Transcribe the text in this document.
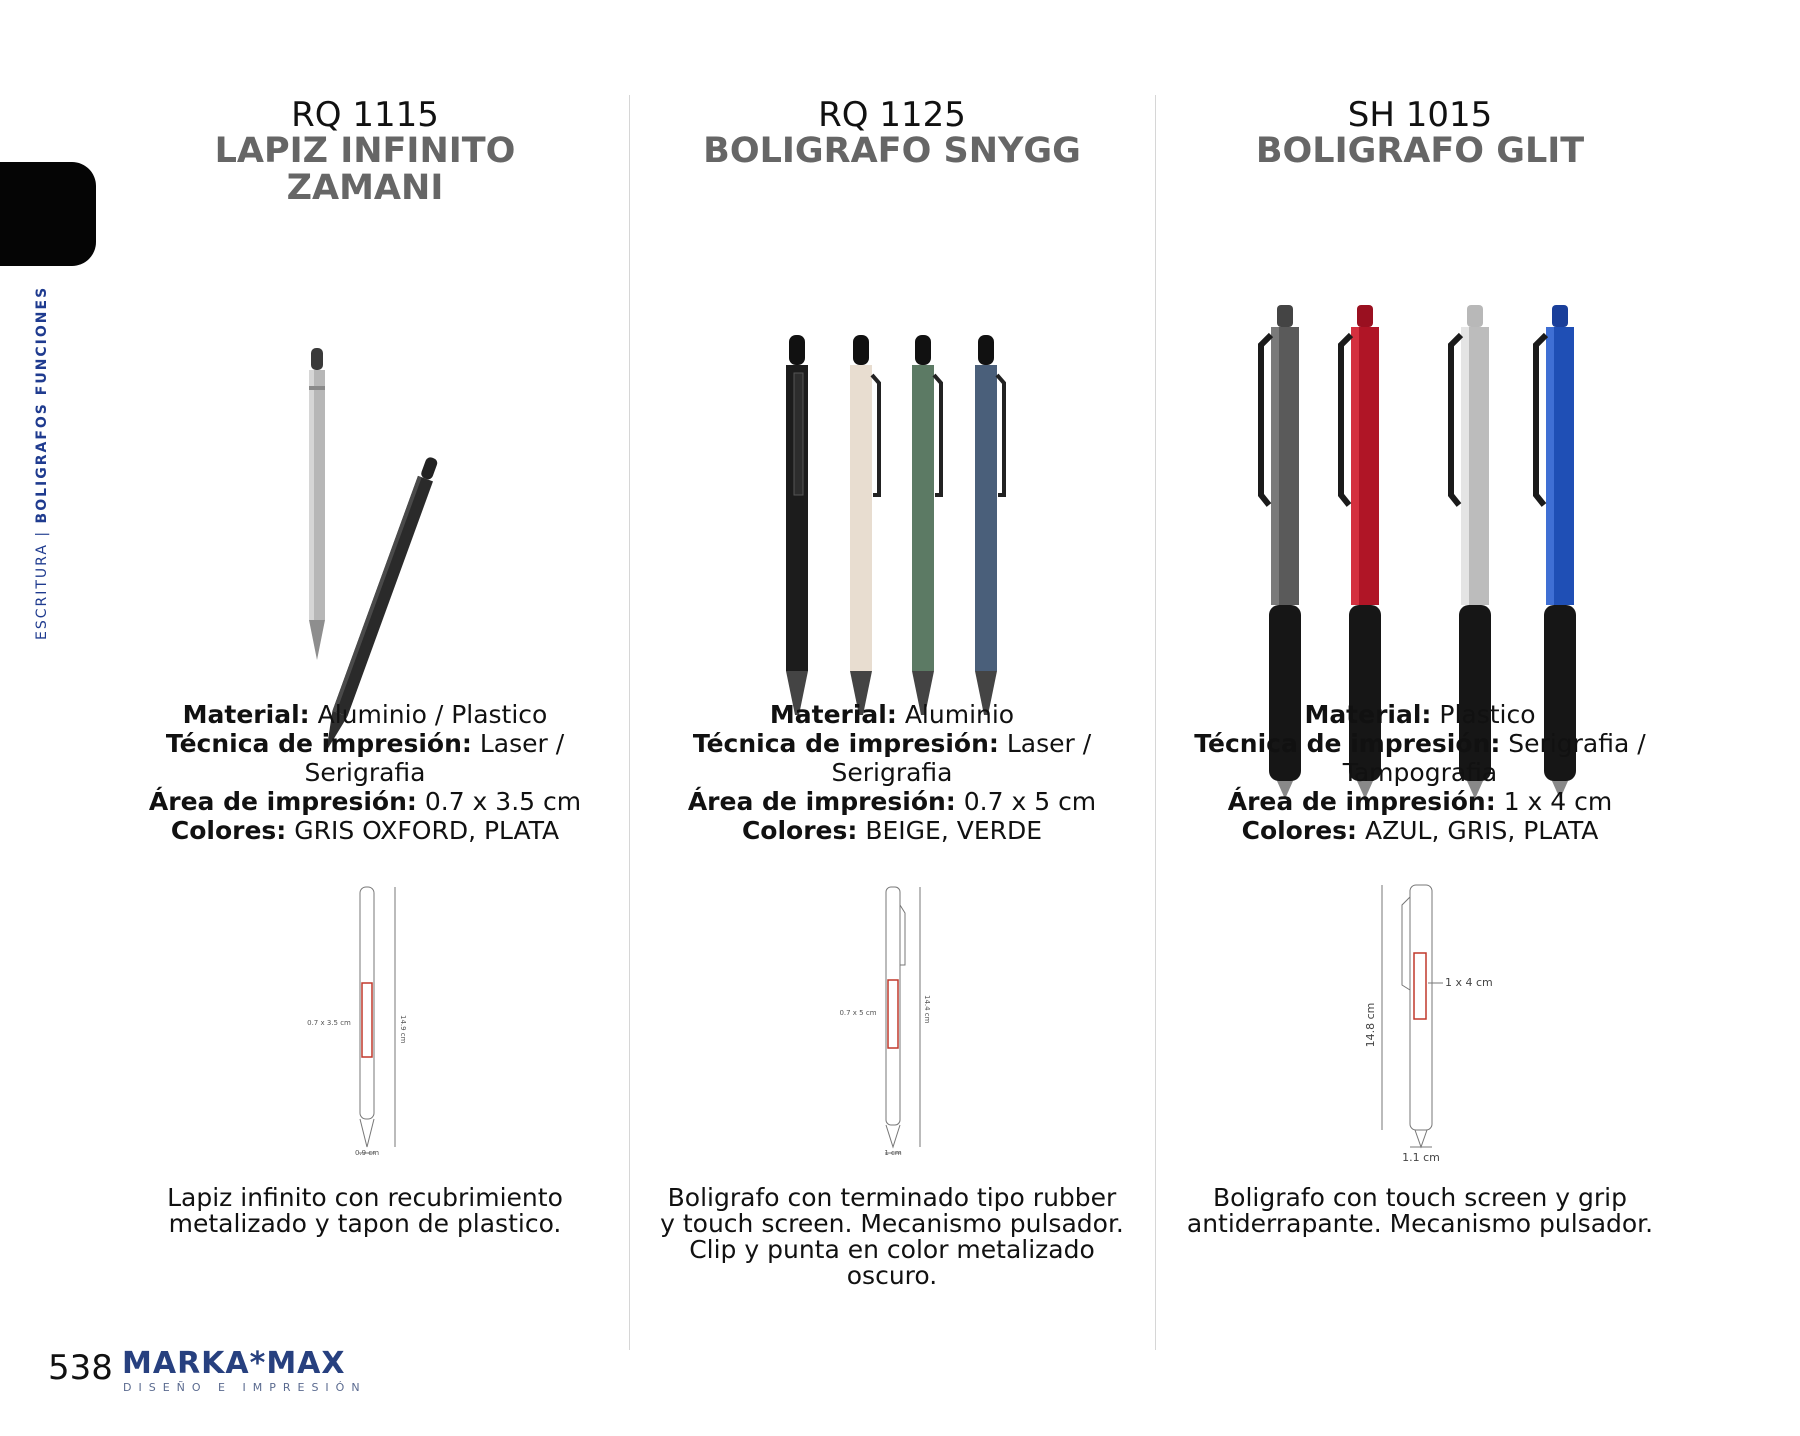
ESCRITURA | BOLIGRAFOS FUNCIONES
RQ 1115
LAPIZ INFINITO
ZAMANI
Material: Aluminio / Plastico
Técnica de impresión: Laser /
Serigrafia
Área de impresión: 0.7 x 3.5 cm
Colores: GRIS OXFORD, PLATA
0.7 x 3.5 cm	14.9 cm
0.9 cm
Lapiz infinito con recubrimiento
metalizado y tapon de plastico.
RQ 1125
BOLIGRAFO SNYGG
Material: Aluminio
Técnica de impresión: Laser /
Serigrafia
Área de impresión: 0.7 x 5 cm
Colores: BEIGE, VERDE
0.7 x 5 cm	14.4 cm
1 cm
Boligrafo con terminado tipo rubber
y touch screen. Mecanismo pulsador.
Clip y punta en color metalizado
oscuro.
SH 1015
BOLIGRAFO GLIT
Material: Plastico
Técnica de impresión: Serigrafia /
Tampografia
Área de impresión: 1 x 4 cm
Colores: AZUL, GRIS, PLATA
1 x 4 cm
14.8 cm
1.1 cm
Boligrafo con touch screen y grip
antiderrapante. Mecanismo pulsador.
538 MARKA*MAX
DISEÑO E IMPRESIÓN
